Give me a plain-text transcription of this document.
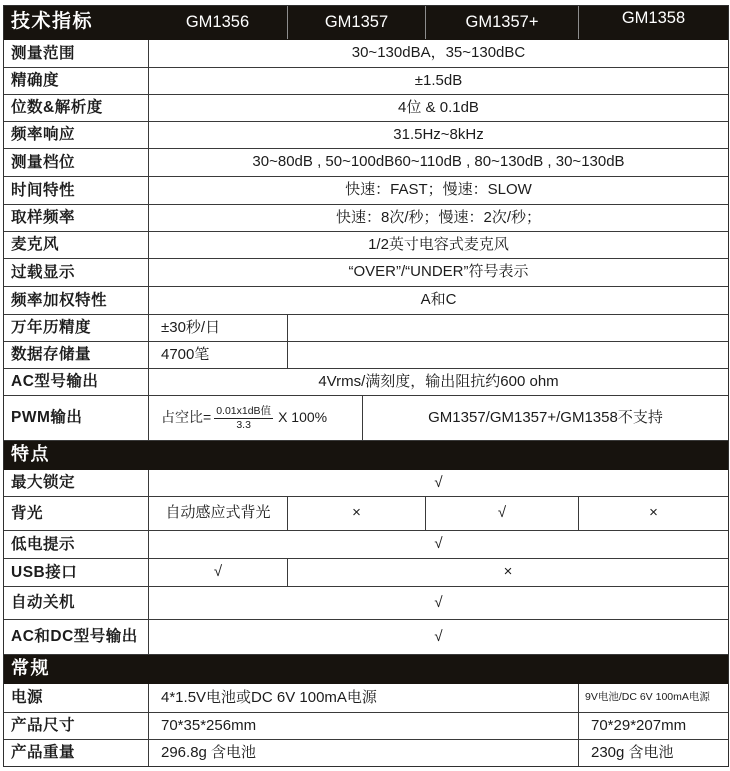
技术指标	GM1356	GM1357	GM1357+	GM1358
测量范围	30~130dBA，35~130dBC
精确度	±1.5dB
位数&解析度	4位 & 0.1dB
频率响应	31.5Hz~8kHz
测量档位	30~80dB , 50~100dB60~110dB , 80~130dB , 30~130dB
时间特性	快速：FAST；慢速：SLOW
取样频率	快速：8次/秒；慢速：2次/秒；
麦克风	1/2英寸电容式麦克风
过载显示	“OVER”/“UNDER”符号表示
频率加权特性	A和C
万年历精度	±30秒/日
数据存储量	4700笔
AC型号输出	4Vrms/满刻度，输出阻抗约600 ohm
PWM输出	占空比= $\frac{\text{0.01x1dB值}}{3.3}$ X 100%	GM1357/GM1357+/GM1358不支持
特点
最大锁定	√
背光	自动感应式背光	×	√	×
低电提示	√
USB接口	√	×
自动关机	√
AC和DC型号输出	√
常规
电源	4*1.5V电池或DC 6V 100mA电源	9V电池/DC 6V 100mA电源
产品尺寸	70*35*256mm	70*29*207mm
产品重量	296.8g 含电池	230g 含电池
